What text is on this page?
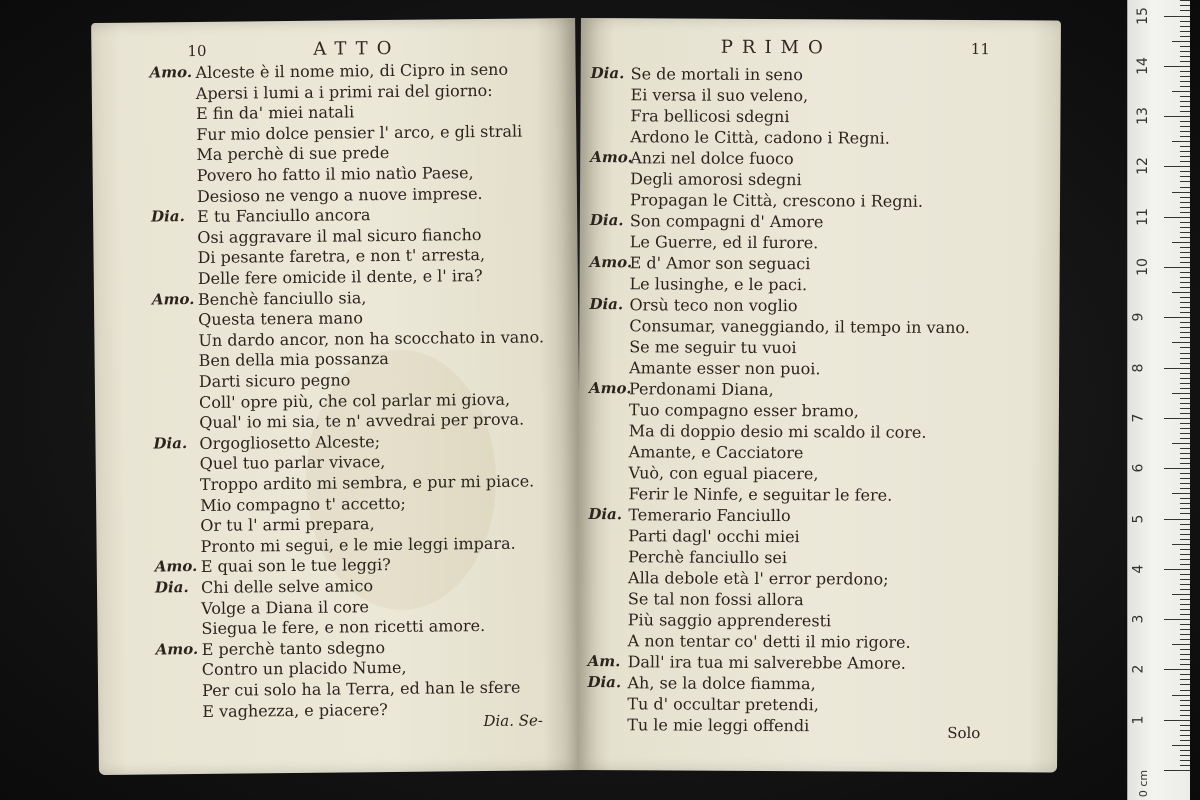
10	ATTO
Amo. Alceste è il nome mio, di Cipro in seno
Apersi i lumi a i primi rai del giorno:
E fin da' miei natali
Fur mio dolce pensier l' arco, e gli strali
Ma perchè di sue prede
Povero ho fatto il mio natìo Paese,
Desioso ne vengo a nuove imprese.
Dia. E tu Fanciullo ancora
Osi aggravare il mal sicuro fiancho
Di pesante faretra, e non t' arresta,
Delle fere omicide il dente, e l' ira?
Amo. Benchè fanciullo sia,
Questa tenera mano
Un dardo ancor, non ha scocchato in vano.
Ben della mia possanza
Darti sicuro pegno
Coll' opre più, che col parlar mi giova,
Qual' io mi sia, te n' avvedrai per prova.
Dia. Orgogliosetto Alceste;
Quel tuo parlar vivace,
Troppo ardito mi sembra, e pur mi piace.
Mio compagno t' accetto;
Or tu l' armi prepara,
Pronto mi segui, e le mie leggi impara.
Amo. E quai son le tue leggi?
Dia. Chi delle selve amico
Volge a Diana il core
Siegua le fere, e non ricetti amore.
Amo. E perchè tanto sdegno
Contro un placido Nume,
Per cui solo ha la Terra, ed han le sfere
E vaghezza, e piacere?
Dia. Se-
PRIMO	11
Dia. Se de mortali in seno
Ei versa il suo veleno,
Fra bellicosi sdegni
Ardono le Città, cadono i Regni.
Amo.
Anzi nel dolce fuoco
Degli amorosi sdegni
Propagan le Città, crescono i Regni.
Dia. Son compagni d' Amore
Le Guerre, ed il furore.
Amo.
E d' Amor son seguaci
Le lusinghe, e le paci.
Dia. Orsù teco non voglio
Consumar, vaneggiando, il tempo in vano.
Se me seguir tu vuoi
Amante esser non puoi.
Amo.
Perdonami Diana,
Tuo compagno esser bramo,
Ma di doppio desio mi scaldo il core.
Amante, e Cacciatore
Vuò, con egual piacere,
Ferir le Ninfe, e seguitar le fere.
Dia. Temerario Fanciullo
Parti dagl' occhi miei
Perchè fanciullo sei
Alla debole età l' error perdono;
Se tal non fossi allora
Più saggio apprenderesti
A non tentar co' detti il mio rigore.
Am. Dall' ira tua mi salverebbe Amore.
Dia. Ah, se la dolce fiamma,
Tu d' occultar pretendi,
Tu le mie leggi offendi	Solo
0 cm
1
2
3
4
5
6
7
8
9
10
11
12
13
14
15
